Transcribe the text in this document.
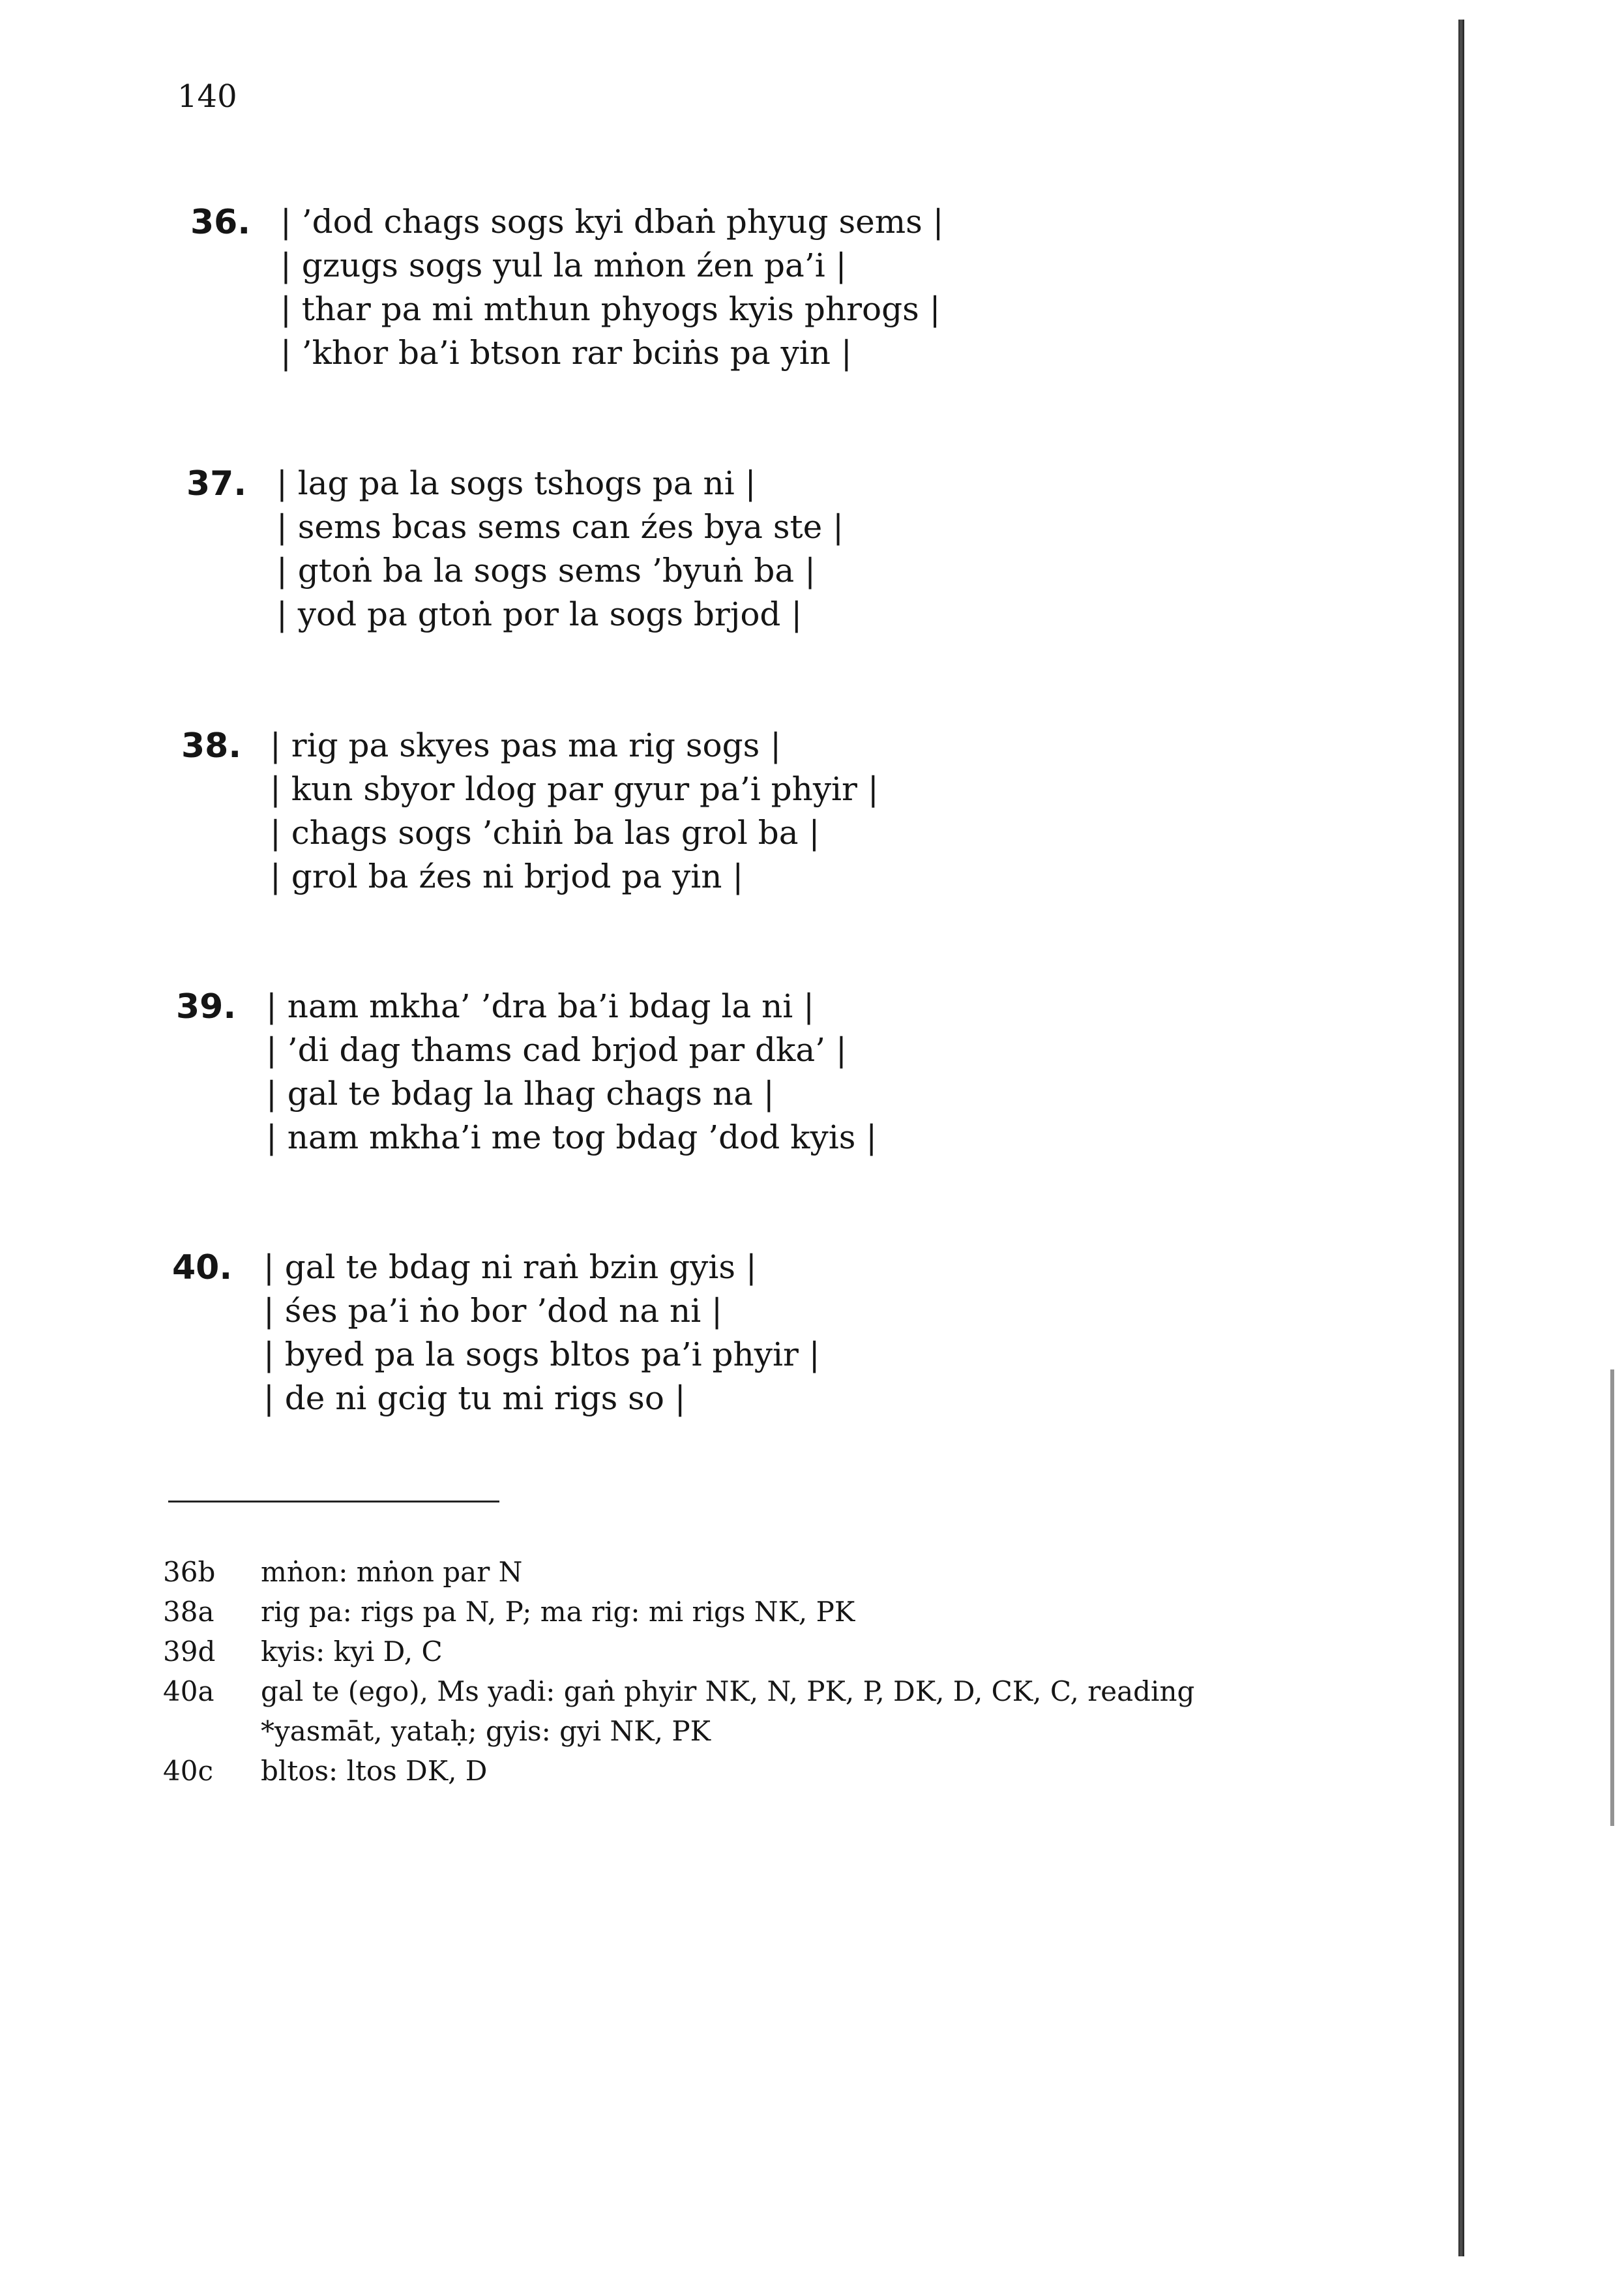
140
36. | ’dod chags sogs kyi dbaṅ phyug sems |
| gzugs sogs yul la mṅon źen pa’i |
| thar pa mi mthun phyogs kyis phrogs |
| ’khor ba’i btson rar bciṅs pa yin |
37. | lag pa la sogs tshogs pa ni |
| sems bcas sems can źes bya ste |
| gtoṅ ba la sogs sems ’byuṅ ba |
| yod pa gtoṅ por la sogs brjod |
38. | rig pa skyes pas ma rig sogs |
| kun sbyor ldog par gyur pa’i phyir |
| chags sogs ’chiṅ ba las grol ba |
| grol ba źes ni brjod pa yin |
39. | nam mkha’ ’dra ba’i bdag la ni |
| ’di dag thams cad brjod par dka’ |
| gal te bdag la lhag chags na |
| nam mkha’i me tog bdag ’dod kyis |
40. | gal te bdag ni raṅ bzin gyis |
| śes pa’i ṅo bor ’dod na ni |
| byed pa la sogs bltos pa’i phyir |
| de ni gcig tu mi rigs so |
36b mṅon: mṅon par N
38a rig pa: rigs pa N, P; ma rig: mi rigs NK, PK
39d kyis: kyi D, C
40a gal te (ego), Ms yadi: gaṅ phyir NK, N, PK, P, DK, D, CK, C, reading
*yasmāt, yataḥ; gyis: gyi NK, PK
40c bltos: ltos DK, D
